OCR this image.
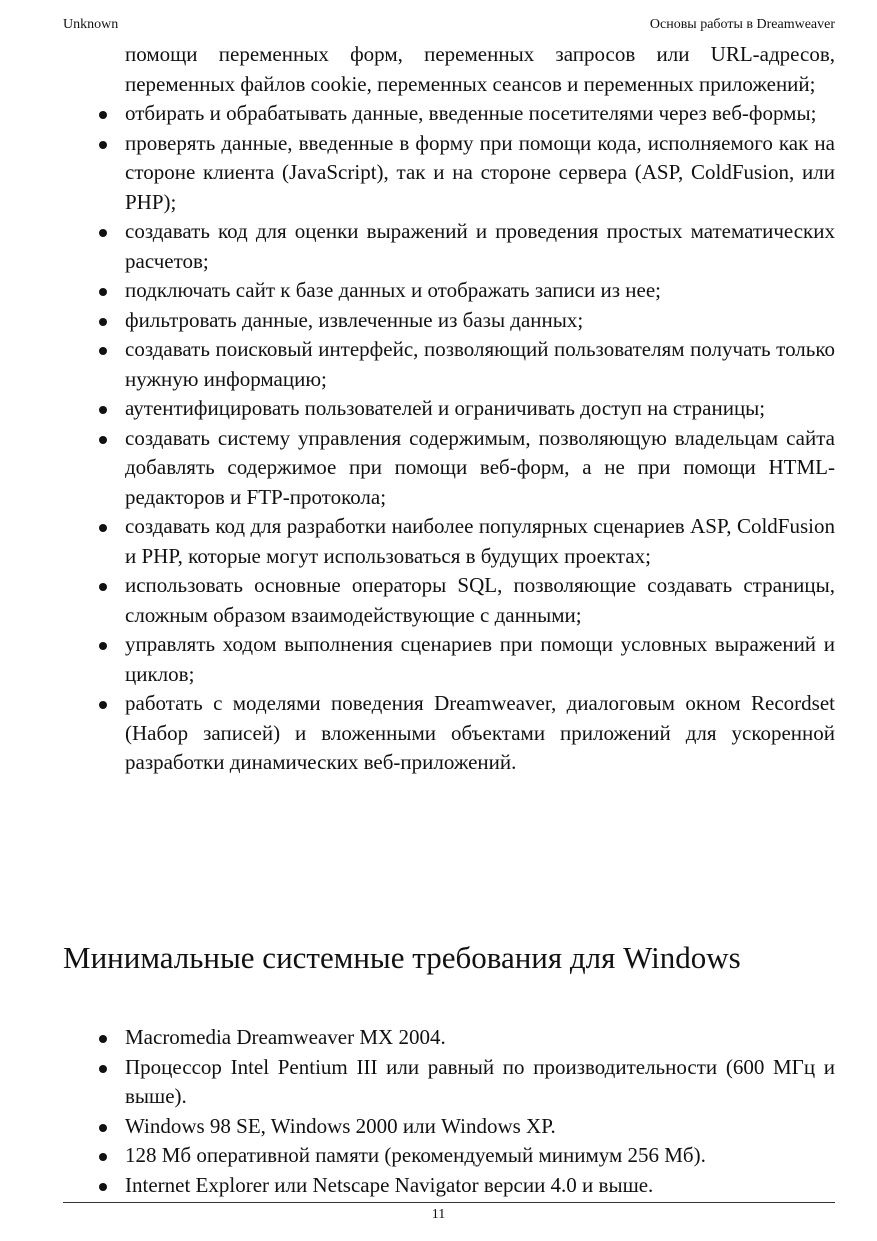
Unknown	Основы работы в Dreamweaver
помощи переменных форм, переменных запросов или URL-адресов, переменных файлов cookie, переменных сеансов и переменных приложений;
отбирать и обрабатывать данные, введенные посетителями через веб-формы;
проверять данные, введенные в форму при помощи кода, исполняемого как на стороне клиента (JavaScript), так и на стороне сервера (ASP, ColdFusion, или PHP);
создавать код для оценки выражений и проведения простых математических расчетов;
подключать сайт к базе данных и отображать записи из нее;
фильтровать данные, извлеченные из базы данных;
создавать поисковый интерфейс, позволяющий пользователям получать только нужную информацию;
аутентифицировать пользователей и ограничивать доступ на страницы;
создавать систему управления содержимым, позволяющую владельцам сайта добавлять содержимое при помощи веб-форм, а не при помощи HTML-редакторов и FTP-протокола;
создавать код для разработки наиболее популярных сценариев ASP, ColdFusion и PHP, которые могут использоваться в будущих проектах;
использовать основные операторы SQL, позволяющие создавать страницы, сложным образом взаимодействующие с данными;
управлять ходом выполнения сценариев при помощи условных выражений и циклов;
работать с моделями поведения Dreamweaver, диалоговым окном Recordset (Набор записей) и вложенными объектами приложений для ускоренной разработки динамических веб-приложений.
Минимальные системные требования для Windows
Macromedia Dreamweaver MX 2004.
Процессор Intel Pentium III или равный по производительности (600 МГц и выше).
Windows 98 SE, Windows 2000 или Windows XP.
128 Мб оперативной памяти (рекомендуемый минимум 256 Мб).
Internet Explorer или Netscape Navigator версии 4.0 и выше.
11
